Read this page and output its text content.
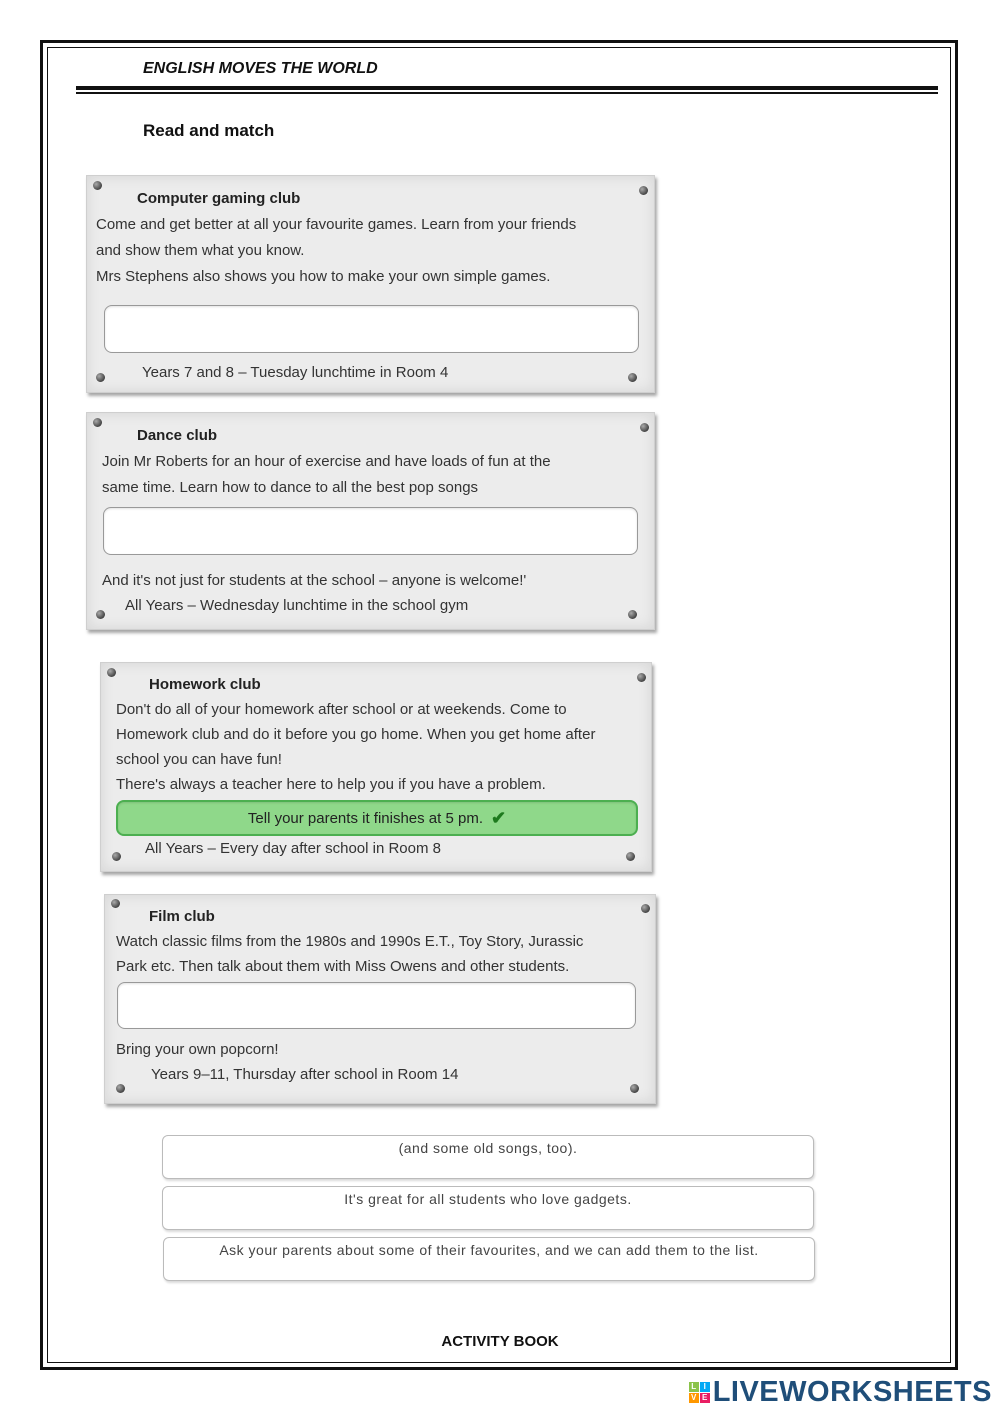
ENGLISH MOVES THE WORLD
Read and match
Computer gaming club
Come and get better at all your favourite games. Learn from your friends
and show them what you know.
Mrs Stephens also shows you how to make your own simple games.
Years 7 and 8 – Tuesday lunchtime in Room 4
Dance club
Join Mr Roberts for an hour of exercise and have loads of fun at the
same time. Learn how to dance to all the best pop songs
And it's not just for students at the school – anyone is welcome!'
All Years – Wednesday lunchtime in the school gym
Homework club
Don't do all of your homework after school or at weekends. Come to
Homework club and do it before you go home. When you get home after
school you can have fun!
There's always a teacher here to help you if you have a problem.
Tell your parents it finishes at 5 pm. ✔
All Years – Every day after school in Room 8
Film club
Watch classic films from the 1980s and 1990s E.T., Toy Story, Jurassic
Park etc. Then talk about them with Miss Owens and other students.
Bring your own popcorn!
Years 9–11, Thursday after school in Room 14
(and some old songs, too).
It's great for all students who love gadgets.
Ask your parents about some of their favourites, and we can add them to the list.
ACTIVITY BOOK
L I
V E LIVEWORKSHEETS
